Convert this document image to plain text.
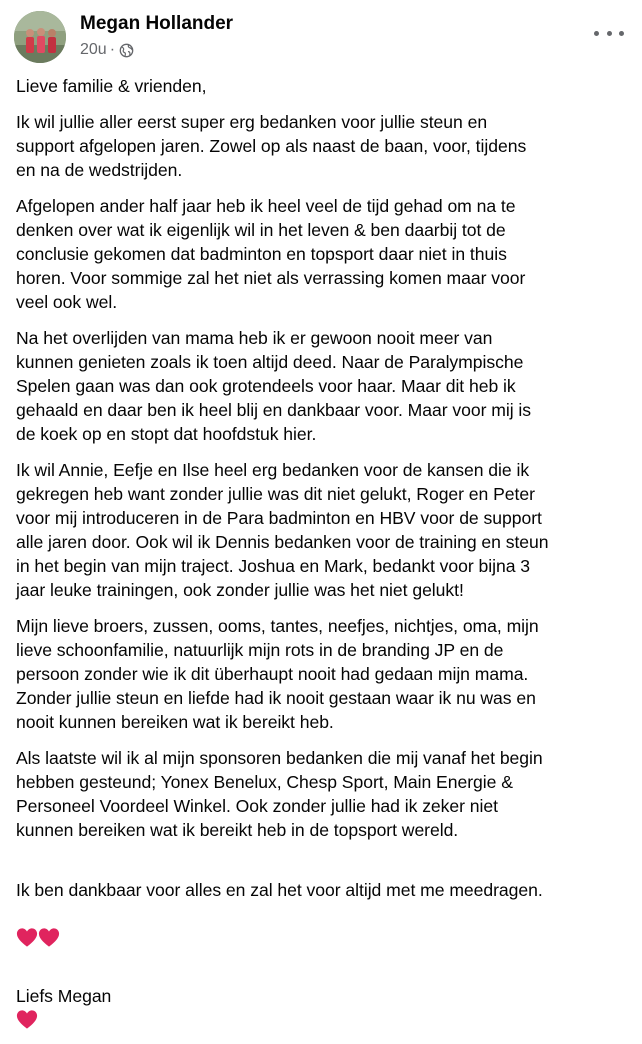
Megan Hollander
20u ·

Lieve familie & vrienden,

Ik wil jullie aller eerst super erg bedanken voor jullie steun en
support afgelopen jaren. Zowel op als naast de baan, voor, tijdens
en na de wedstrijden.

Afgelopen ander half jaar heb ik heel veel de tijd gehad om na te
denken over wat ik eigenlijk wil in het leven & ben daarbij tot de
conclusie gekomen dat badminton en topsport daar niet in thuis
horen. Voor sommige zal het niet als verrassing komen maar voor
veel ook wel.

Na het overlijden van mama heb ik er gewoon nooit meer van
kunnen genieten zoals ik toen altijd deed. Naar de Paralympische
Spelen gaan was dan ook grotendeels voor haar. Maar dit heb ik
gehaald en daar ben ik heel blij en dankbaar voor. Maar voor mij is
de koek op en stopt dat hoofdstuk hier.

Ik wil Annie, Eefje en Ilse heel erg bedanken voor de kansen die ik
gekregen heb want zonder jullie was dit niet gelukt, Roger en Peter
voor mij introduceren in de Para badminton en HBV voor de support
alle jaren door. Ook wil ik Dennis bedanken voor de training en steun
in het begin van mijn traject. Joshua en Mark, bedankt voor bijna 3
jaar leuke trainingen, ook zonder jullie was het niet gelukt!

Mijn lieve broers, zussen, ooms, tantes, neefjes, nichtjes, oma, mijn
lieve schoonfamilie, natuurlijk mijn rots in de branding JP en de
persoon zonder wie ik dit überhaupt nooit had gedaan mijn mama.
Zonder jullie steun en liefde had ik nooit gestaan waar ik nu was en
nooit kunnen bereiken wat ik bereikt heb.

Als laatste wil ik al mijn sponsoren bedanken die mij vanaf het begin
hebben gesteund; Yonex Benelux, Chesp Sport, Main Energie &
Personeel Voordeel Winkel. Ook zonder jullie had ik zeker niet
kunnen bereiken wat ik bereikt heb in de topsport wereld.

Ik ben dankbaar voor alles en zal het voor altijd met me meedragen.

Liefs Megan
